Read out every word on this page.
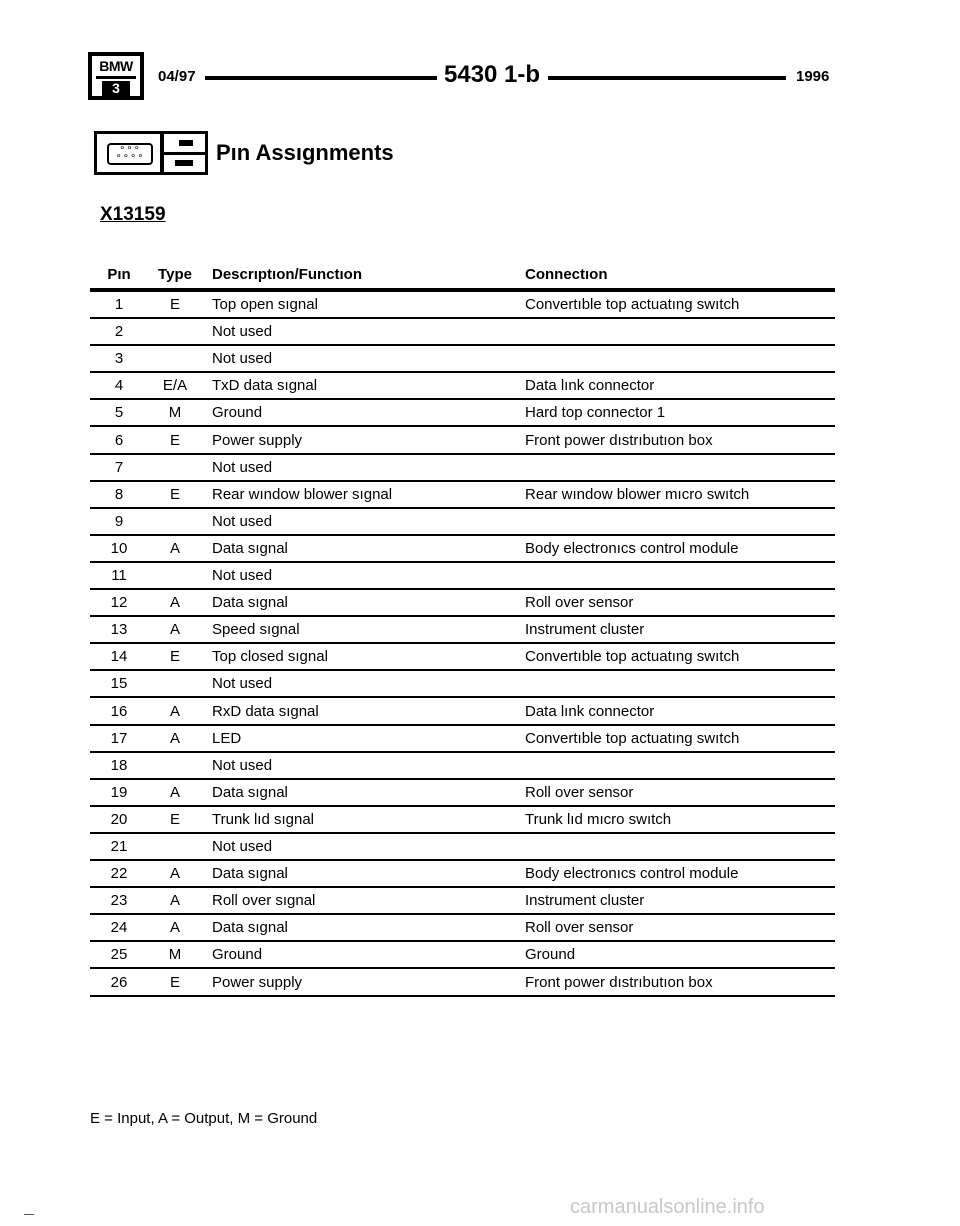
BMW
3
04/97	5430 1-b	1996
∘∘∘
∘∘∘∘	Pın Assıgnments
X13159
Pın	Type	Descrıptıon/Functıon	Connectıon
1	E	Top open sıgnal	Convertıble top actuatıng swıtch
2	Not used
3	Not used
4	E/A	TxD data sıgnal	Data lınk connector
5	M	Ground	Hard top connector 1
6	E	Power supply	Front power dıstrıbutıon box
7	Not used
8	E	Rear wındow blower sıgnal	Rear wındow blower mıcro swıtch
9	Not used
10	A	Data sıgnal	Body electronıcs control module
11	Not used
12	A	Data sıgnal	Roll over sensor
13	A	Speed sıgnal	Instrument cluster
14	E	Top closed sıgnal	Convertıble top actuatıng swıtch
15	Not used
16	A	RxD data sıgnal	Data lınk connector
17	A	LED	Convertıble top actuatıng swıtch
18	Not used
19	A	Data sıgnal	Roll over sensor
20	E	Trunk lıd sıgnal	Trunk lıd mıcro swıtch
21	Not used
22	A	Data sıgnal	Body electronıcs control module
23	A	Roll over sıgnal	Instrument cluster
24	A	Data sıgnal	Roll over sensor
25	M	Ground	Ground
26	E	Power supply	Front power dıstrıbutıon box
E = Input, A = Output, M = Ground
carmanualsonline.info
